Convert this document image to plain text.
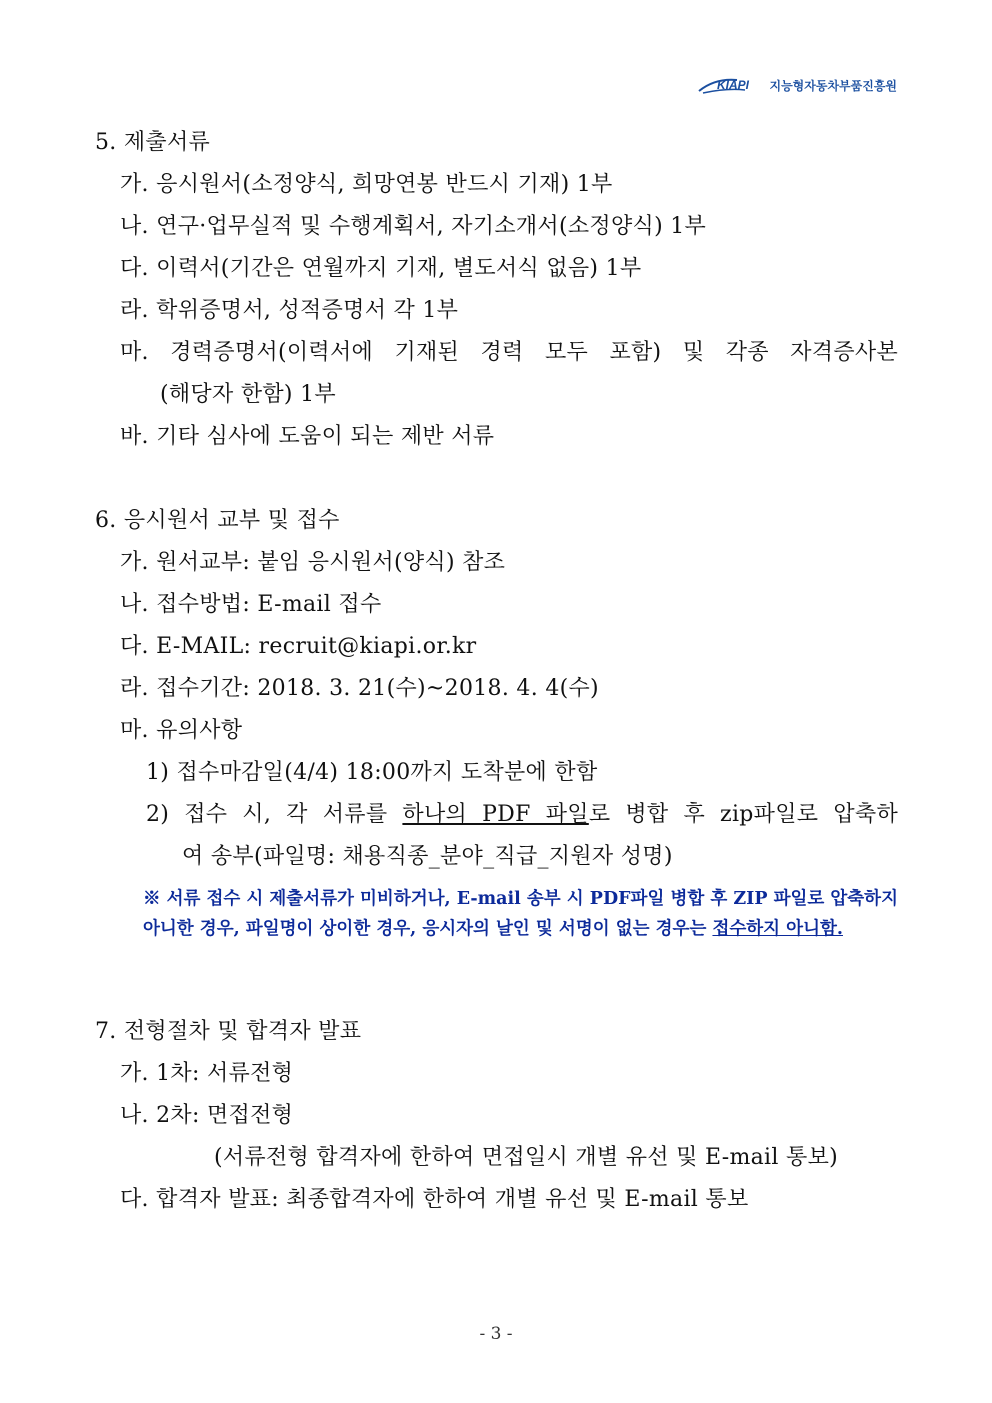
KIAPI 지능형자동차부품진흥원
5. 제출서류
가. 응시원서(소정양식, 희망연봉 반드시 기재) 1부
나. 연구·업무실적 및 수행계획서, 자기소개서(소정양식) 1부
다. 이력서(기간은 연월까지 기재, 별도서식 없음) 1부
라. 학위증명서, 성적증명서 각 1부
마. 경력증명서(이력서에 기재된 경력 모두 포함) 및 각종 자격증사본
(해당자 한함) 1부
바. 기타 심사에 도움이 되는 제반 서류
6. 응시원서 교부 및 접수
가. 원서교부: 붙임 응시원서(양식) 참조
나. 접수방법: E-mail 접수
다. E-MAIL: recruit@kiapi.or.kr
라. 접수기간: 2018. 3. 21(수)~2018. 4. 4(수)
마. 유의사항
1) 접수마감일(4/4) 18:00까지 도착분에 한함
2) 접수 시, 각 서류를 하나의 PDF 파일로 병합 후 zip파일로 압축하
여 송부(파일명: 채용직종_분야_직급_지원자 성명)
※ 서류 접수 시 제출서류가 미비하거나, E-mail 송부 시 PDF파일 병합 후 ZIP 파일로 압축하지 아니한 경우, 파일명이 상이한 경우, 응시자의 날인 및 서명이 없는 경우는 접수하지 아니함.
7. 전형절차 및 합격자 발표
가. 1차: 서류전형
나. 2차: 면접전형
(서류전형 합격자에 한하여 면접일시 개별 유선 및 E-mail 통보)
다. 합격자 발표: 최종합격자에 한하여 개별 유선 및 E-mail 통보
- 3 -
